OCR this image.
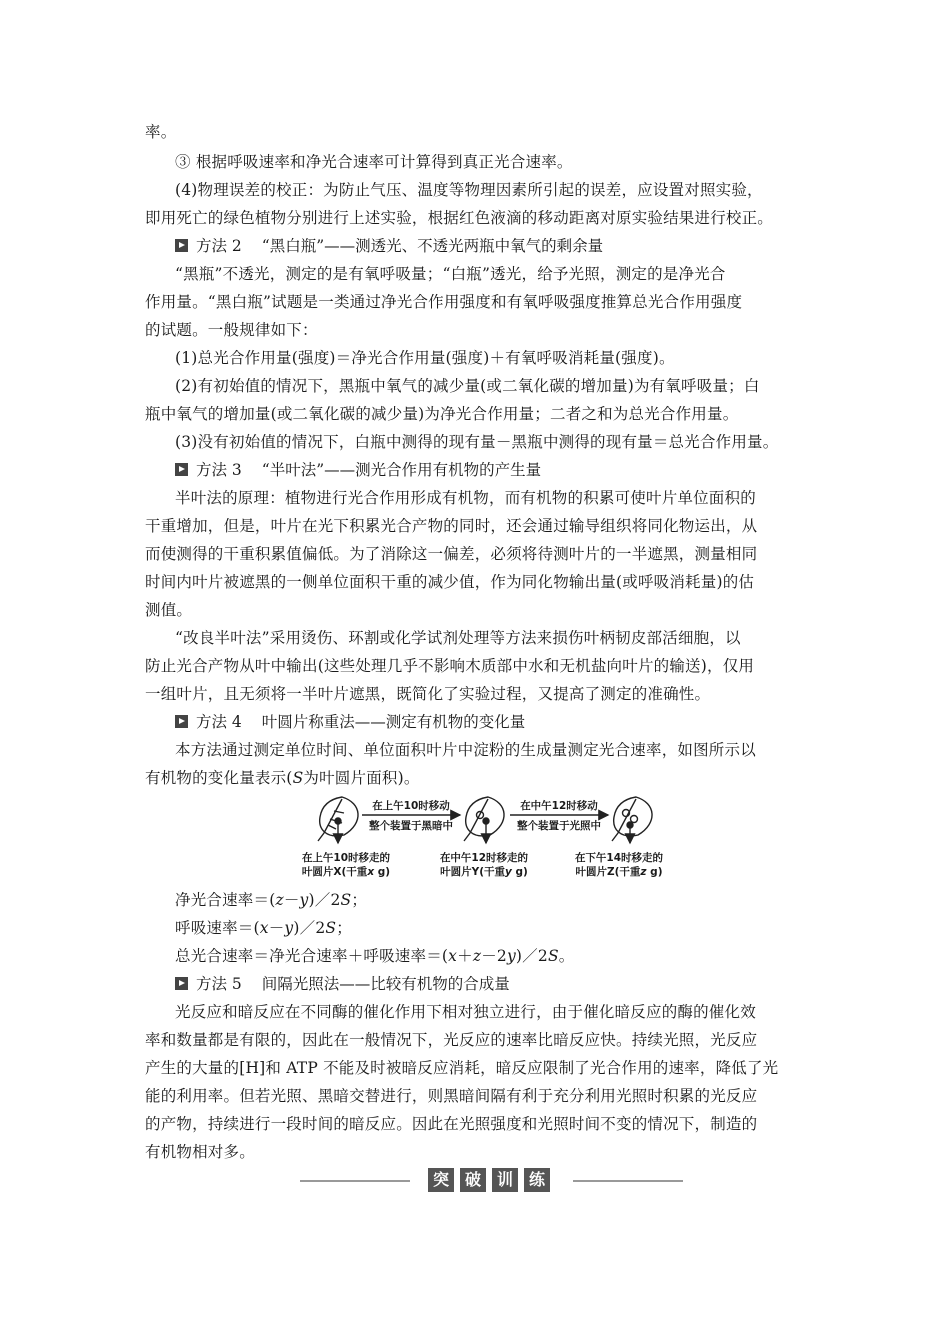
率。
③ 根据呼吸速率和净光合速率可计算得到真正光合速率。
(4)物理误差的校正：为防止气压、温度等物理因素所引起的误差，应设置对照实验，
即用死亡的绿色植物分别进行上述实验，根据红色液滴的移动距离对原实验结果进行校正。
方法 2 “黑白瓶”——测透光、不透光两瓶中氧气的剩余量
“黑瓶”不透光，测定的是有氧呼吸量；“白瓶”透光，给予光照，测定的是净光合
作用量。“黑白瓶”试题是一类通过净光合作用强度和有氧呼吸强度推算总光合作用强度
的试题。一般规律如下：
(1)总光合作用量(强度)＝净光合作用量(强度)＋有氧呼吸消耗量(强度)。
(2)有初始值的情况下，黑瓶中氧气的减少量(或二氧化碳的增加量)为有氧呼吸量；白
瓶中氧气的增加量(或二氧化碳的减少量)为净光合作用量；二者之和为总光合作用量。
(3)没有初始值的情况下，白瓶中测得的现有量－黑瓶中测得的现有量＝总光合作用量。
方法 3 “半叶法”——测光合作用有机物的产生量
半叶法的原理：植物进行光合作用形成有机物，而有机物的积累可使叶片单位面积的
干重增加，但是，叶片在光下积累光合产物的同时，还会通过输导组织将同化物运出，从
而使测得的干重积累值偏低。为了消除这一偏差，必须将待测叶片的一半遮黑，测量相同
时间内叶片被遮黑的一侧单位面积干重的减少值，作为同化物输出量(或呼吸消耗量)的估
测值。
“改良半叶法”采用烫伤、环割或化学试剂处理等方法来损伤叶柄韧皮部活细胞，以
防止光合产物从叶中输出(这些处理几乎不影响木质部中水和无机盐向叶片的输送)，仅用
一组叶片，且无须将一半叶片遮黑，既简化了实验过程，又提高了测定的准确性。
方法 4 叶圆片称重法——测定有机物的变化量
本方法通过测定单位时间、单位面积叶片中淀粉的生成量测定光合速率，如图所示以
有机物的变化量表示(S为叶圆片面积)。
在上午10时移动
整个装置于黑暗中
在中午12时移动
整个装置于光照中
在上午10时移走的
叶圆片X(干重x g)
在中午12时移走的
叶圆片Y(干重y g)
在下午14时移走的
叶圆片Z(干重z g)
净光合速率＝(z－y)／2S；
呼吸速率＝(x－y)／2S；
总光合速率＝净光合速率＋呼吸速率＝(x＋z－2y)／2S。
方法 5 间隔光照法——比较有机物的合成量
光反应和暗反应在不同酶的催化作用下相对独立进行，由于催化暗反应的酶的催化效
率和数量都是有限的，因此在一般情况下，光反应的速率比暗反应快。持续光照，光反应
产生的大量的[H]和 ATP 不能及时被暗反应消耗，暗反应限制了光合作用的速率，降低了光
能的利用率。但若光照、黑暗交替进行，则黑暗间隔有利于充分利用光照时积累的光反应
的产物，持续进行一段时间的暗反应。因此在光照强度和光照时间不变的情况下，制造的
有机物相对多。
突 破 训 练
